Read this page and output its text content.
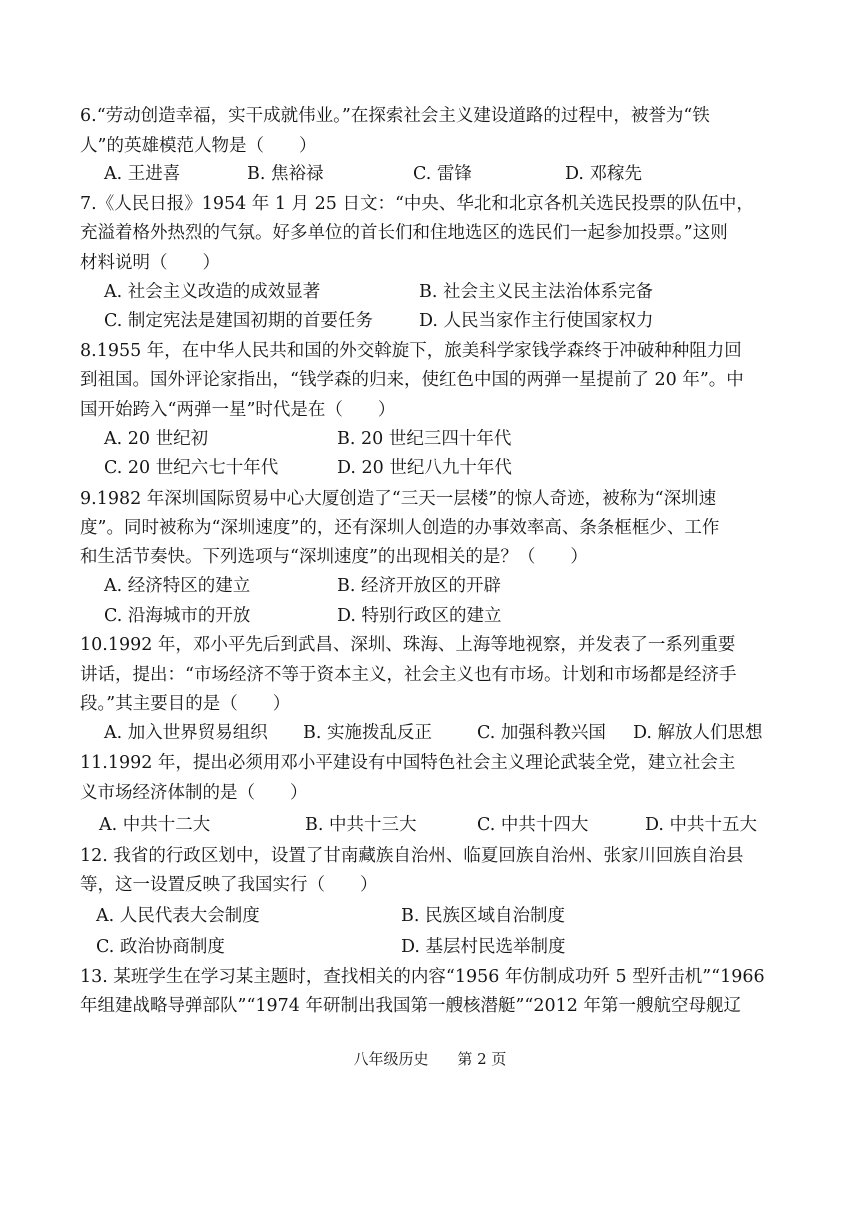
6.“劳动创造幸福，实干成就伟业。”在探索社会主义建设道路的过程中，被誉为“铁
人”的英雄模范人物是（　　）
A. 王进喜	B. 焦裕禄	C. 雷锋	D. 邓稼先
7.《人民日报》1954 年 1 月 25 日文：“中央、华北和北京各机关选民投票的队伍中，
充溢着格外热烈的气氛。好多单位的首长们和住地选区的选民们一起参加投票。”这则
材料说明（　　）
A. 社会主义改造的成效显著	B. 社会主义民主法治体系完备
C. 制定宪法是建国初期的首要任务	D. 人民当家作主行使国家权力
8.1955 年，在中华人民共和国的外交斡旋下，旅美科学家钱学森终于冲破种种阻力回
到祖国。国外评论家指出，“钱学森的归来，使红色中国的两弹一星提前了 20 年”。中
国开始跨入“两弹一星”时代是在（　　）
A. 20 世纪初	B. 20 世纪三四十年代
C. 20 世纪六七十年代	D. 20 世纪八九十年代
9.1982 年深圳国际贸易中心大厦创造了“三天一层楼”的惊人奇迹，被称为“深圳速
度”。同时被称为“深圳速度”的，还有深圳人创造的办事效率高、条条框框少、工作
和生活节奏快。下列选项与“深圳速度”的出现相关的是？（　　）
A. 经济特区的建立	B. 经济开放区的开辟
C. 沿海城市的开放	D. 特别行政区的建立
10.1992 年，邓小平先后到武昌、深圳、珠海、上海等地视察，并发表了一系列重要
讲话，提出：“市场经济不等于资本主义，社会主义也有市场。计划和市场都是经济手
段。”其主要目的是（　　）
A. 加入世界贸易组织 B. 实施拨乱反正	C. 加强科教兴国 D. 解放人们思想
11.1992 年，提出必须用邓小平建设有中国特色社会主义理论武装全党，建立社会主
义市场经济体制的是（　　）
A. 中共十二大	B. 中共十三大	C. 中共十四大	D. 中共十五大
12. 我省的行政区划中，设置了甘南藏族自治州、临夏回族自治州、张家川回族自治县
等，这一设置反映了我国实行（　　）
A. 人民代表大会制度	B. 民族区域自治制度
C. 政治协商制度	D. 基层村民选举制度
13. 某班学生在学习某主题时，查找相关的内容“1956 年仿制成功歼 5 型歼击机”“1966
年组建战略导弹部队”“1974 年研制出我国第一艘核潜艇”“2012 年第一艘航空母舰辽
八年级历史 第 2 页
